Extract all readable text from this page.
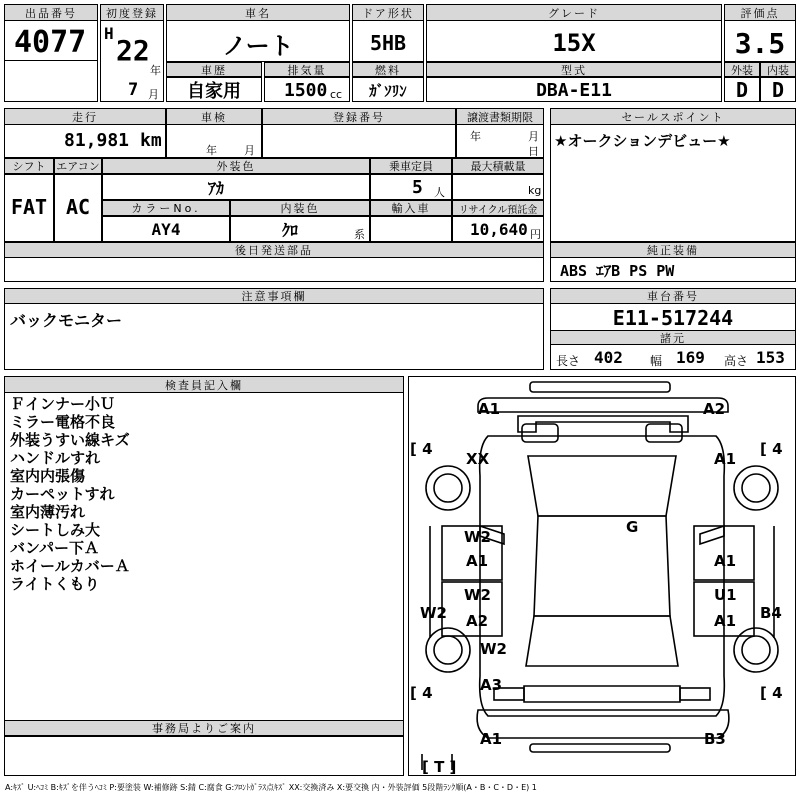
出品番号
4077
初度登録
H
22
年
7 月
車名
ノート
ドア形状
5HB
グレード
15X
評価点
3.5
車歴
自家用
排気量
1500 cc
燃料
ｶﾞｿﾘﾝ
型式
DBA-E11
外装	内装
D	D
走行
81,981 km
車検
年 月
登録番号	譲渡書類期限
年	月
日
セールスポイント
★オークションデビュー★
シフト エアコン
FAT AC
外装色
ｱｶ
乗車定員
5 人
最大積載量
kg
カラーNo.
AY4
内装色
ｸﾛ	系
輸入車	リサイクル預託金
10,640 円
後日発送部品	純正装備
ABS ｴｱB PS PW
注意事項欄
バックモニター
車台番号
E11-517244
諸元
長さ 402 幅 169 高さ 153
検査員記入欄
Ｆインナー小Ｕ
ミラー電格不良
外装うすい線キズ
ハンドルすれ
室内内張傷
カーペットすれ
室内薄汚れ
シートしみ大
バンパー下Ａ
ホイールカバーＡ
ライトくもり
事務局よりご案内
A1	A2
XX	A1
G
W2
A1	A1
W2	U1
A2	A1
W2	B4
W2
A3
A1	B3
[ 4	[ 4
[ 4	[ 4
[ T ]
A:ｷｽﾞ U:ﾍｺﾐ B:ｷｽﾞを伴うﾍｺﾐ P:要塗装 W:補修跡 S:錆 C:腐食 G:ﾌﾛﾝﾄｶﾞﾗｽ点ｷｽﾞ XX:交換済み X:要交換 内・外装評価 5段階ﾗﾝｸ順(A・B・C・D・E) 1
